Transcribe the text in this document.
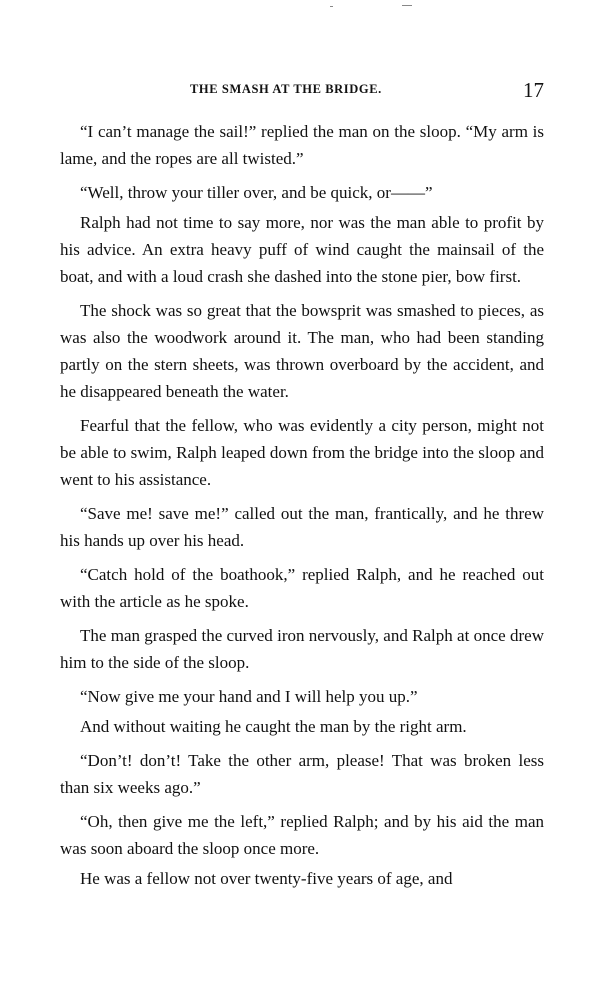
THE SMASH AT THE BRIDGE.	17

“I can’t manage the sail!” replied the man on the sloop. “My arm is lame, and the ropes are all twisted.”

“Well, throw your tiller over, and be quick, or——”

Ralph had not time to say more, nor was the man able to profit by his advice. An extra heavy puff of wind caught the mainsail of the boat, and with a loud crash she dashed into the stone pier, bow first.

The shock was so great that the bowsprit was smashed to pieces, as was also the woodwork around it. The man, who had been standing partly on the stern sheets, was thrown overboard by the accident, and he disappeared beneath the water.

Fearful that the fellow, who was evidently a city person, might not be able to swim, Ralph leaped down from the bridge into the sloop and went to his assistance.

“Save me! save me!” called out the man, frantically, and he threw his hands up over his head.

“Catch hold of the boathook,” replied Ralph, and he reached out with the article as he spoke.

The man grasped the curved iron nervously, and Ralph at once drew him to the side of the sloop.

“Now give me your hand and I will help you up.”

And without waiting he caught the man by the right arm.

“Don’t! don’t! Take the other arm, please! That was broken less than six weeks ago.”

“Oh, then give me the left,” replied Ralph; and by his aid the man was soon aboard the sloop once more.

He was a fellow not over twenty-five years of age, and
